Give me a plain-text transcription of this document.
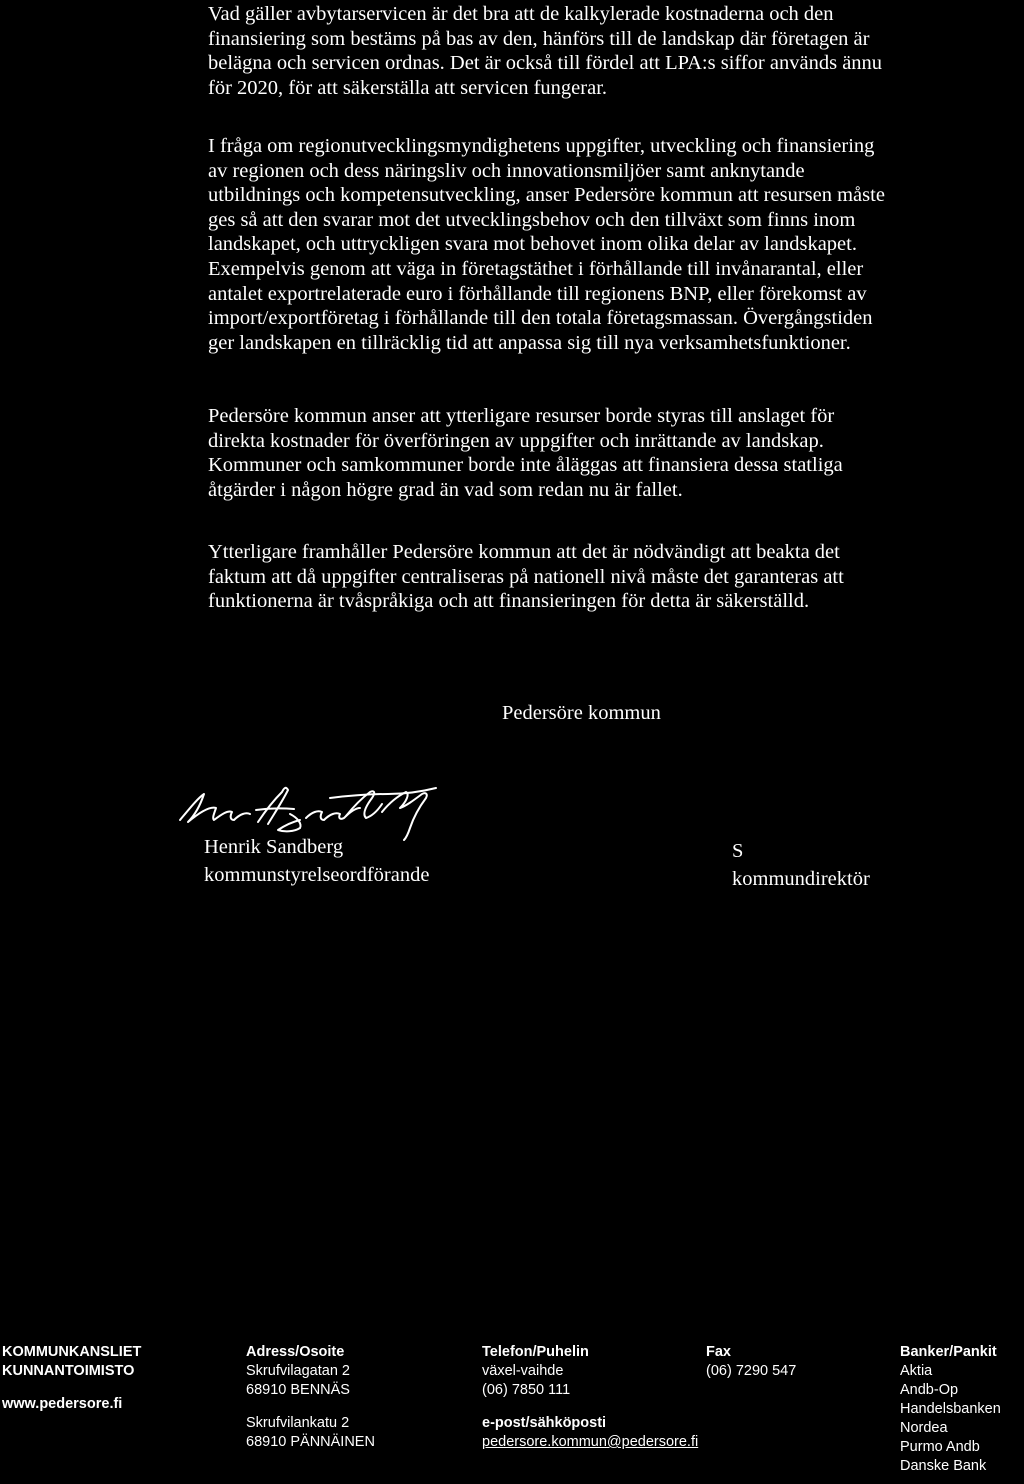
Vad gäller avbytarservicen är det bra att de kalkylerade kostnaderna och den
finansiering som bestäms på bas av den, hänförs till de landskap där företagen är
belägna och servicen ordnas. Det är också till fördel att LPA:s siffor används ännu
för 2020, för att säkerställa att servicen fungerar.

I fråga om regionutvecklingsmyndighetens uppgifter, utveckling och finansiering
av regionen och dess näringsliv och innovationsmiljöer samt anknytande
utbildnings och kompetensutveckling, anser Pedersöre kommun att resursen måste
ges så att den svarar mot det utvecklingsbehov och den tillväxt som finns inom
landskapet, och uttryckligen svara mot behovet inom olika delar av landskapet.
Exempelvis genom att väga in företagstäthet i förhållande till invånarantal, eller
antalet exportrelaterade euro i förhållande till regionens BNP, eller förekomst av
import/exportföretag i förhållande till den totala företagsmassan. Övergångstiden
ger landskapen en tillräcklig tid att anpassa sig till nya verksamhetsfunktioner.

Pedersöre kommun anser att ytterligare resurser borde styras till anslaget för
direkta kostnader för överföringen av uppgifter och inrättande av landskap.
Kommuner och samkommuner borde inte åläggas att finansiera dessa statliga
åtgärder i någon högre grad än vad som redan nu är fallet.

Ytterligare framhåller Pedersöre kommun att det är nödvändigt att beakta det
faktum att då uppgifter centraliseras på nationell nivå måste det garanteras att
funktionerna är tvåspråkiga och att finansieringen för detta är säkerställd.

Pedersöre kommun
Henrik Sandberg
kommunstyrelseordförande
S
kommundirektör
KOMMUNKANSLIET
KUNNANTOIMISTO
www.pedersore.fi
Adress/Osoite
Skrufvilagatan 2
68910 BENNÄS
Skrufvilankatu 2
68910 PÄNNÄINEN
Telefon/Puhelin
växel-vaihde
(06) 7850 111
e-post/sähköposti
pedersore.kommun@pedersore.fi
Fax
(06) 7290 547
Banker/Pankit
Aktia
Andb-Op
Handelsbanken
Nordea
Purmo Andb
Danske Bank
